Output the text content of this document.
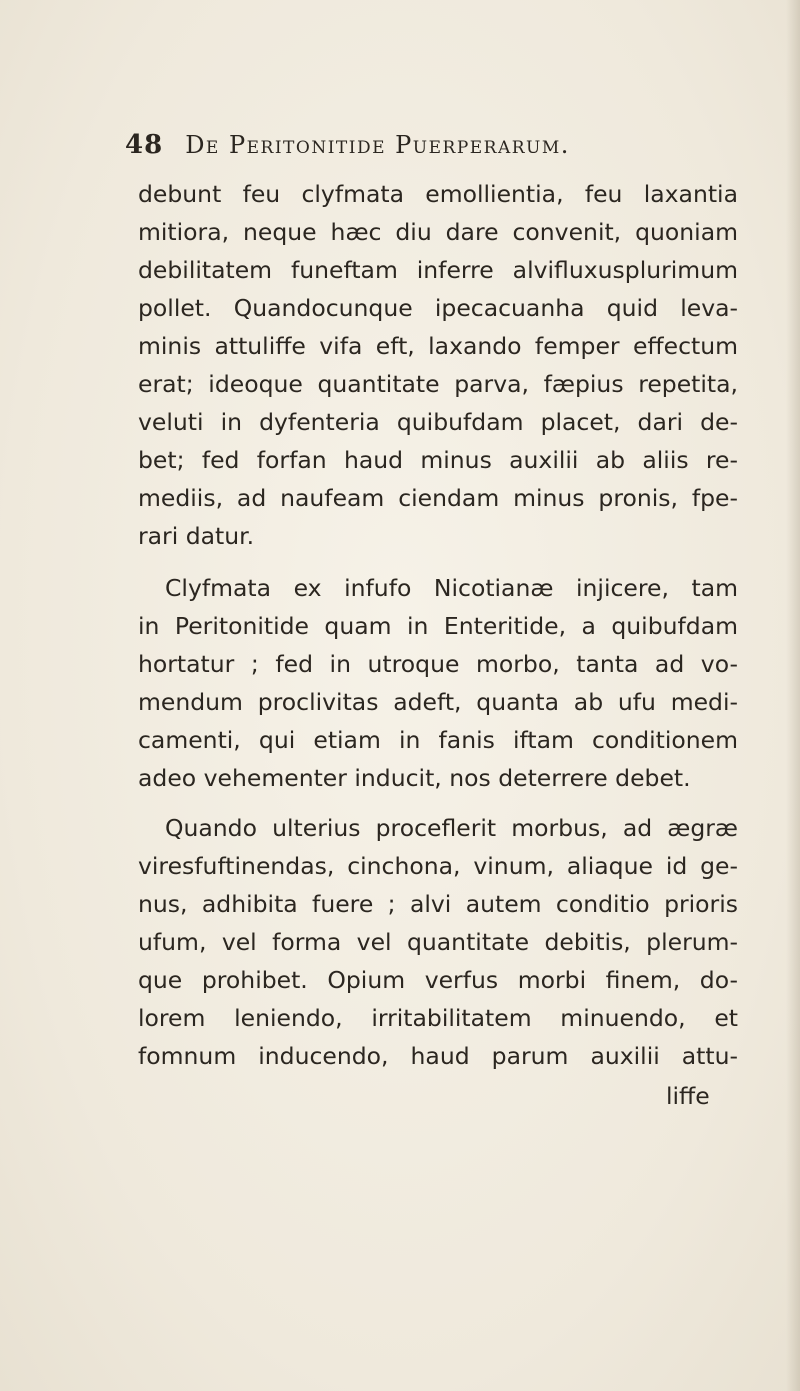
48 De Peritonitide Puerperarum.
debunt feu clyfmata emollientia, feu laxantia
mitiora, neque hæc diu dare convenit, quoniam
debilitatem funeftam inferre alvifluxusplurimum
pollet. Quandocunque ipecacuanha quid leva-
minis attuliffe vifa eft, laxando femper effectum
erat; ideoque quantitate parva, fæpius repetita,
veluti in dyfenteria quibufdam placet, dari de-
bet; fed forfan haud minus auxilii ab aliis re-
mediis, ad naufeam ciendam minus pronis, fpe-
rari datur.
Clyfmata ex infufo Nicotianæ injicere, tam
in Peritonitide quam in Enteritide, a quibufdam
hortatur ; fed in utroque morbo, tanta ad vo-
mendum proclivitas adeft, quanta ab ufu medi-
camenti, qui etiam in fanis iftam conditionem
adeo vehementer inducit, nos deterrere debet.
Quando ulterius proceflerit morbus, ad ægræ
viresfuftinendas, cinchona, vinum, aliaque id ge-
nus, adhibita fuere ; alvi autem conditio prioris
ufum, vel forma vel quantitate debitis, plerum-
que prohibet. Opium verfus morbi finem, do-
lorem leniendo, irritabilitatem minuendo, et
fomnum inducendo, haud parum auxilii attu-
liffe
